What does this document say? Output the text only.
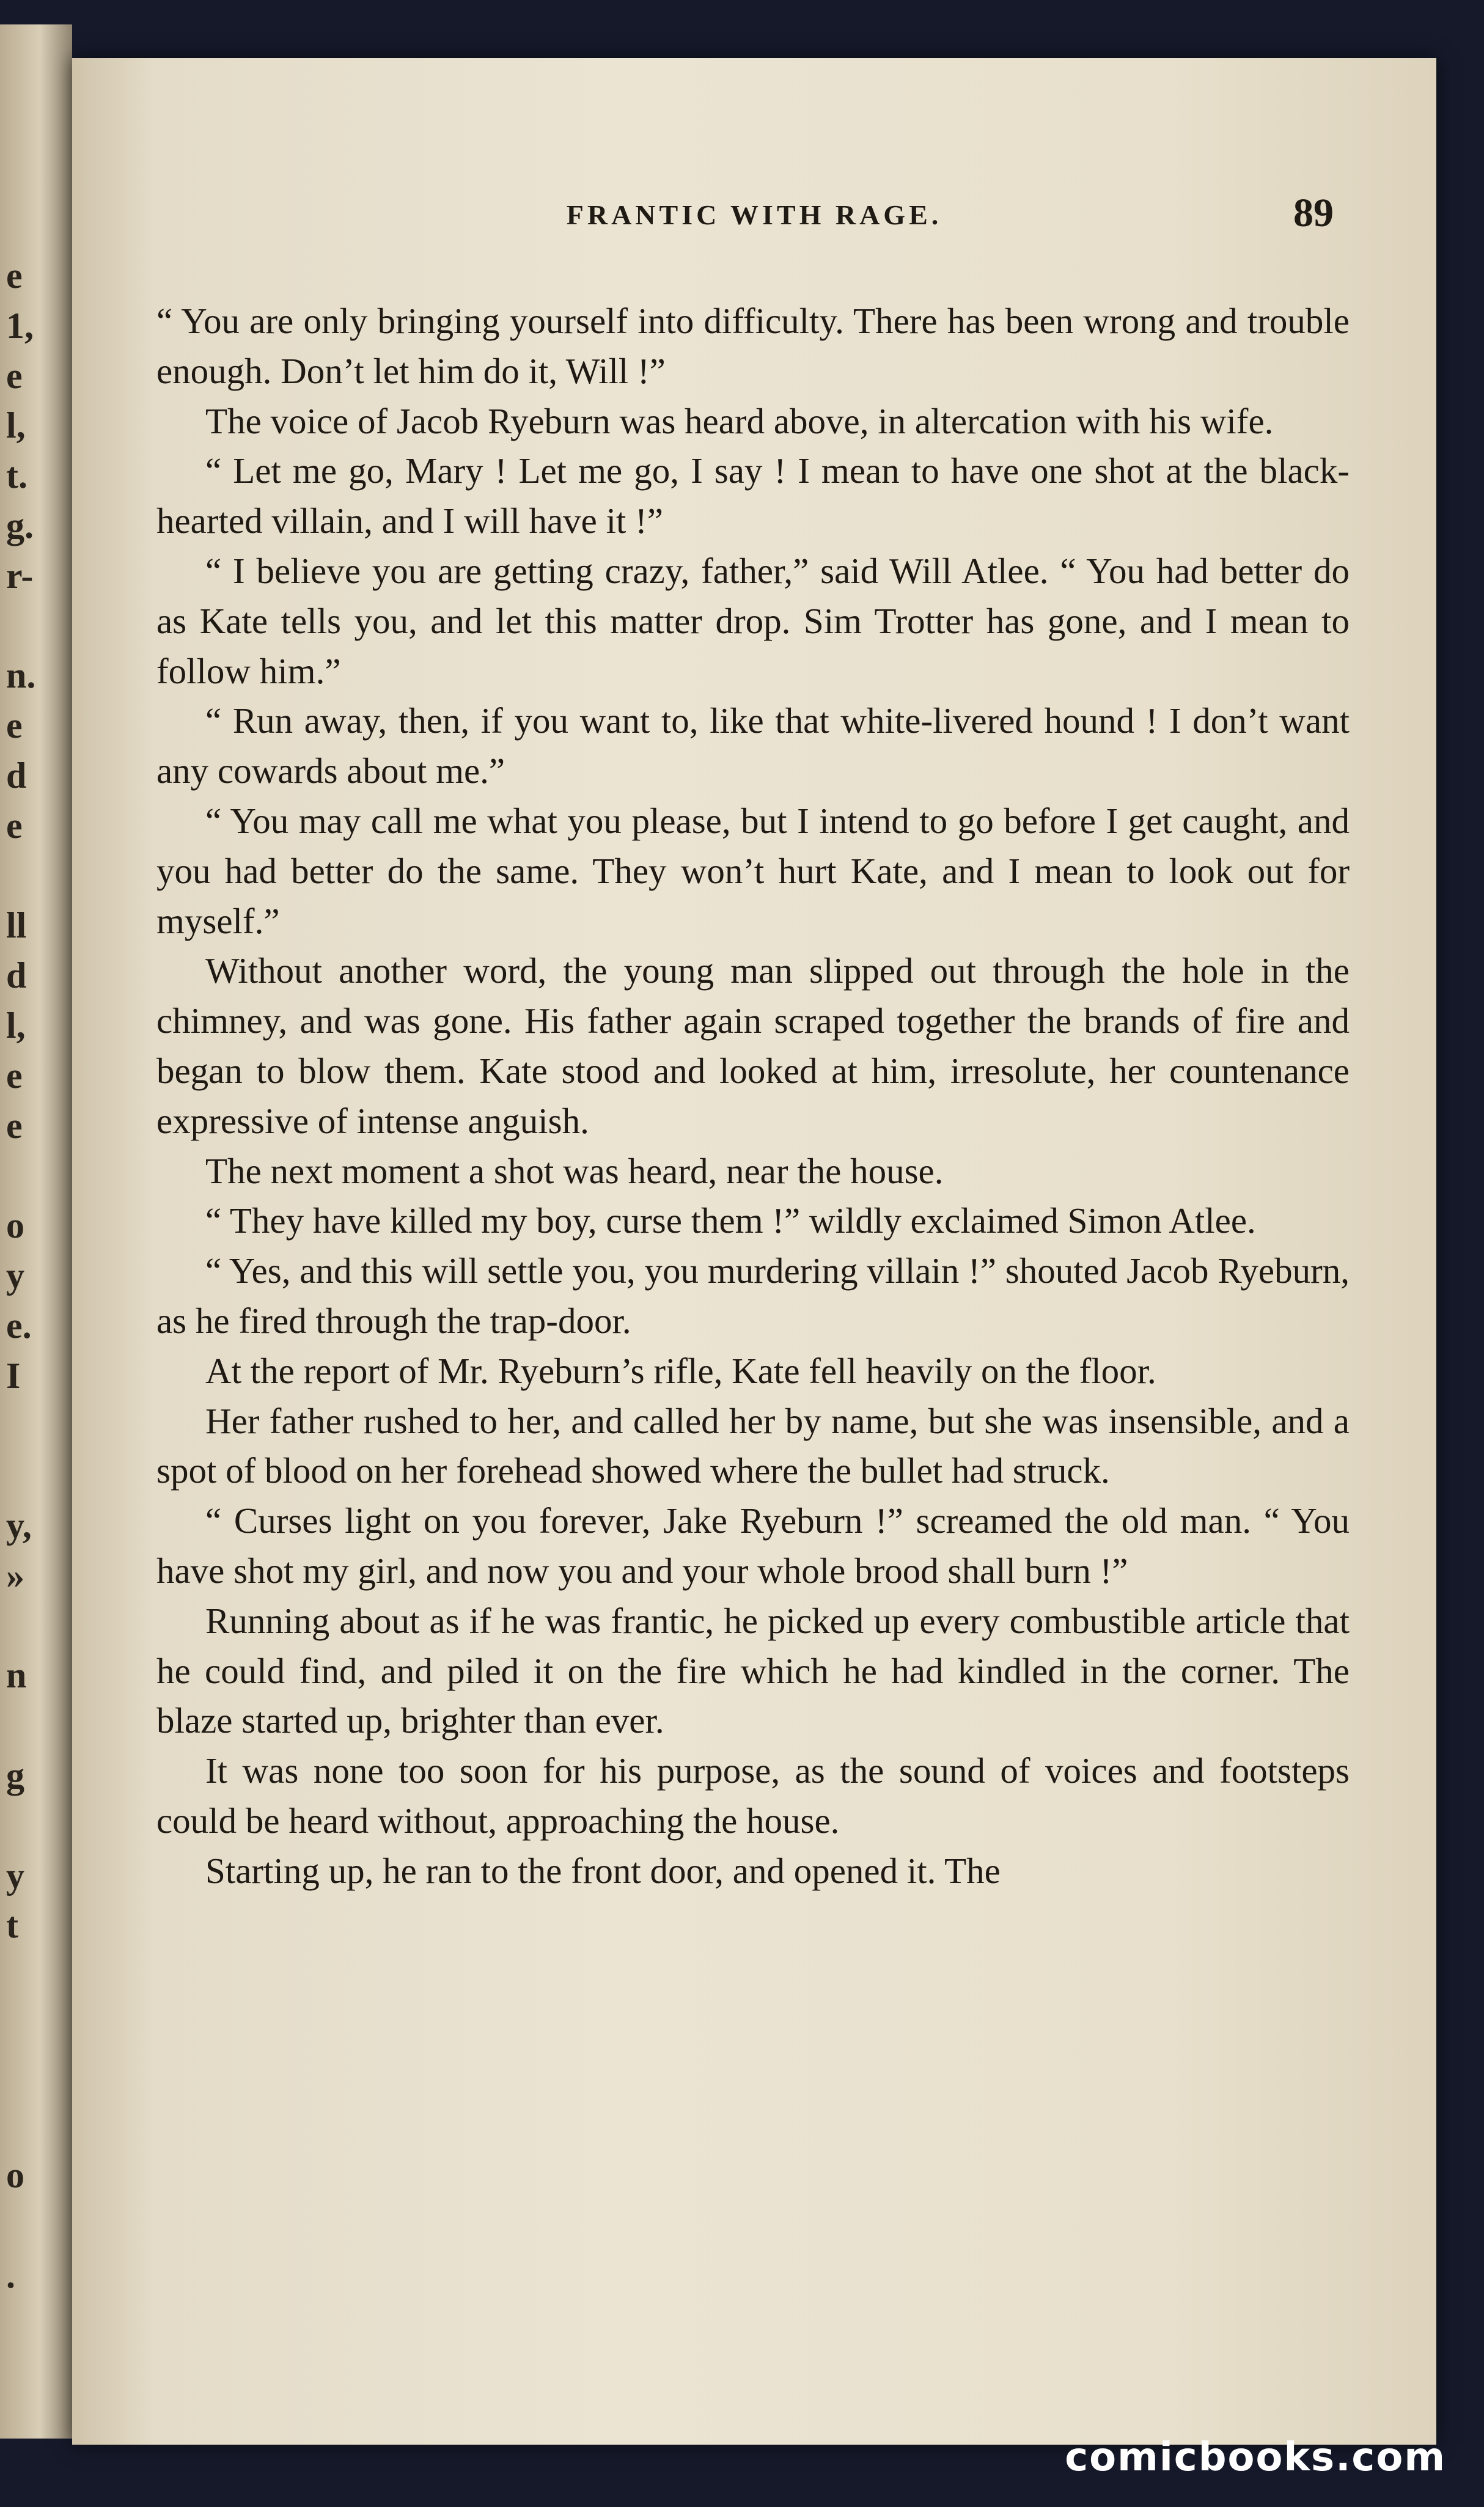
e
1,
e
l,
t.
g.
r-
n.
e
d
e
ll
d
l,
e
e
o
y
e.
I
y,
»
n
g
y
t
o
.
FRANTIC WITH RAGE.	89

“ You are only bringing yourself into difficulty. There has been wrong and trouble enough. Don’t let him do it, Will !”

The voice of Jacob Ryeburn was heard above, in altercation with his wife.

“ Let me go, Mary ! Let me go, I say ! I mean to have one shot at the black-hearted villain, and I will have it !”

“ I believe you are getting crazy, father,” said Will Atlee. “ You had better do as Kate tells you, and let this matter drop. Sim Trotter has gone, and I mean to follow him.”

“ Run away, then, if you want to, like that white-livered hound ! I don’t want any cowards about me.”

“ You may call me what you please, but I intend to go before I get caught, and you had better do the same. They won’t hurt Kate, and I mean to look out for myself.”

Without another word, the young man slipped out through the hole in the chimney, and was gone. His father again scraped together the brands of fire and began to blow them. Kate stood and looked at him, irresolute, her countenance expressive of intense anguish.

The next moment a shot was heard, near the house.

“ They have killed my boy, curse them !” wildly exclaimed Simon Atlee.

“ Yes, and this will settle you, you murdering villain !” shouted Jacob Ryeburn, as he fired through the trap-door.

At the report of Mr. Ryeburn’s rifle, Kate fell heavily on the floor.

Her father rushed to her, and called her by name, but she was insensible, and a spot of blood on her forehead showed where the bullet had struck.

“ Curses light on you forever, Jake Ryeburn !” screamed the old man. “ You have shot my girl, and now you and your whole brood shall burn !”

Running about as if he was frantic, he picked up every combustible article that he could find, and piled it on the fire which he had kindled in the corner. The blaze started up, brighter than ever.

It was none too soon for his purpose, as the sound of voices and footsteps could be heard without, approaching the house.

Starting up, he ran to the front door, and opened it. The

comicbooks.com
